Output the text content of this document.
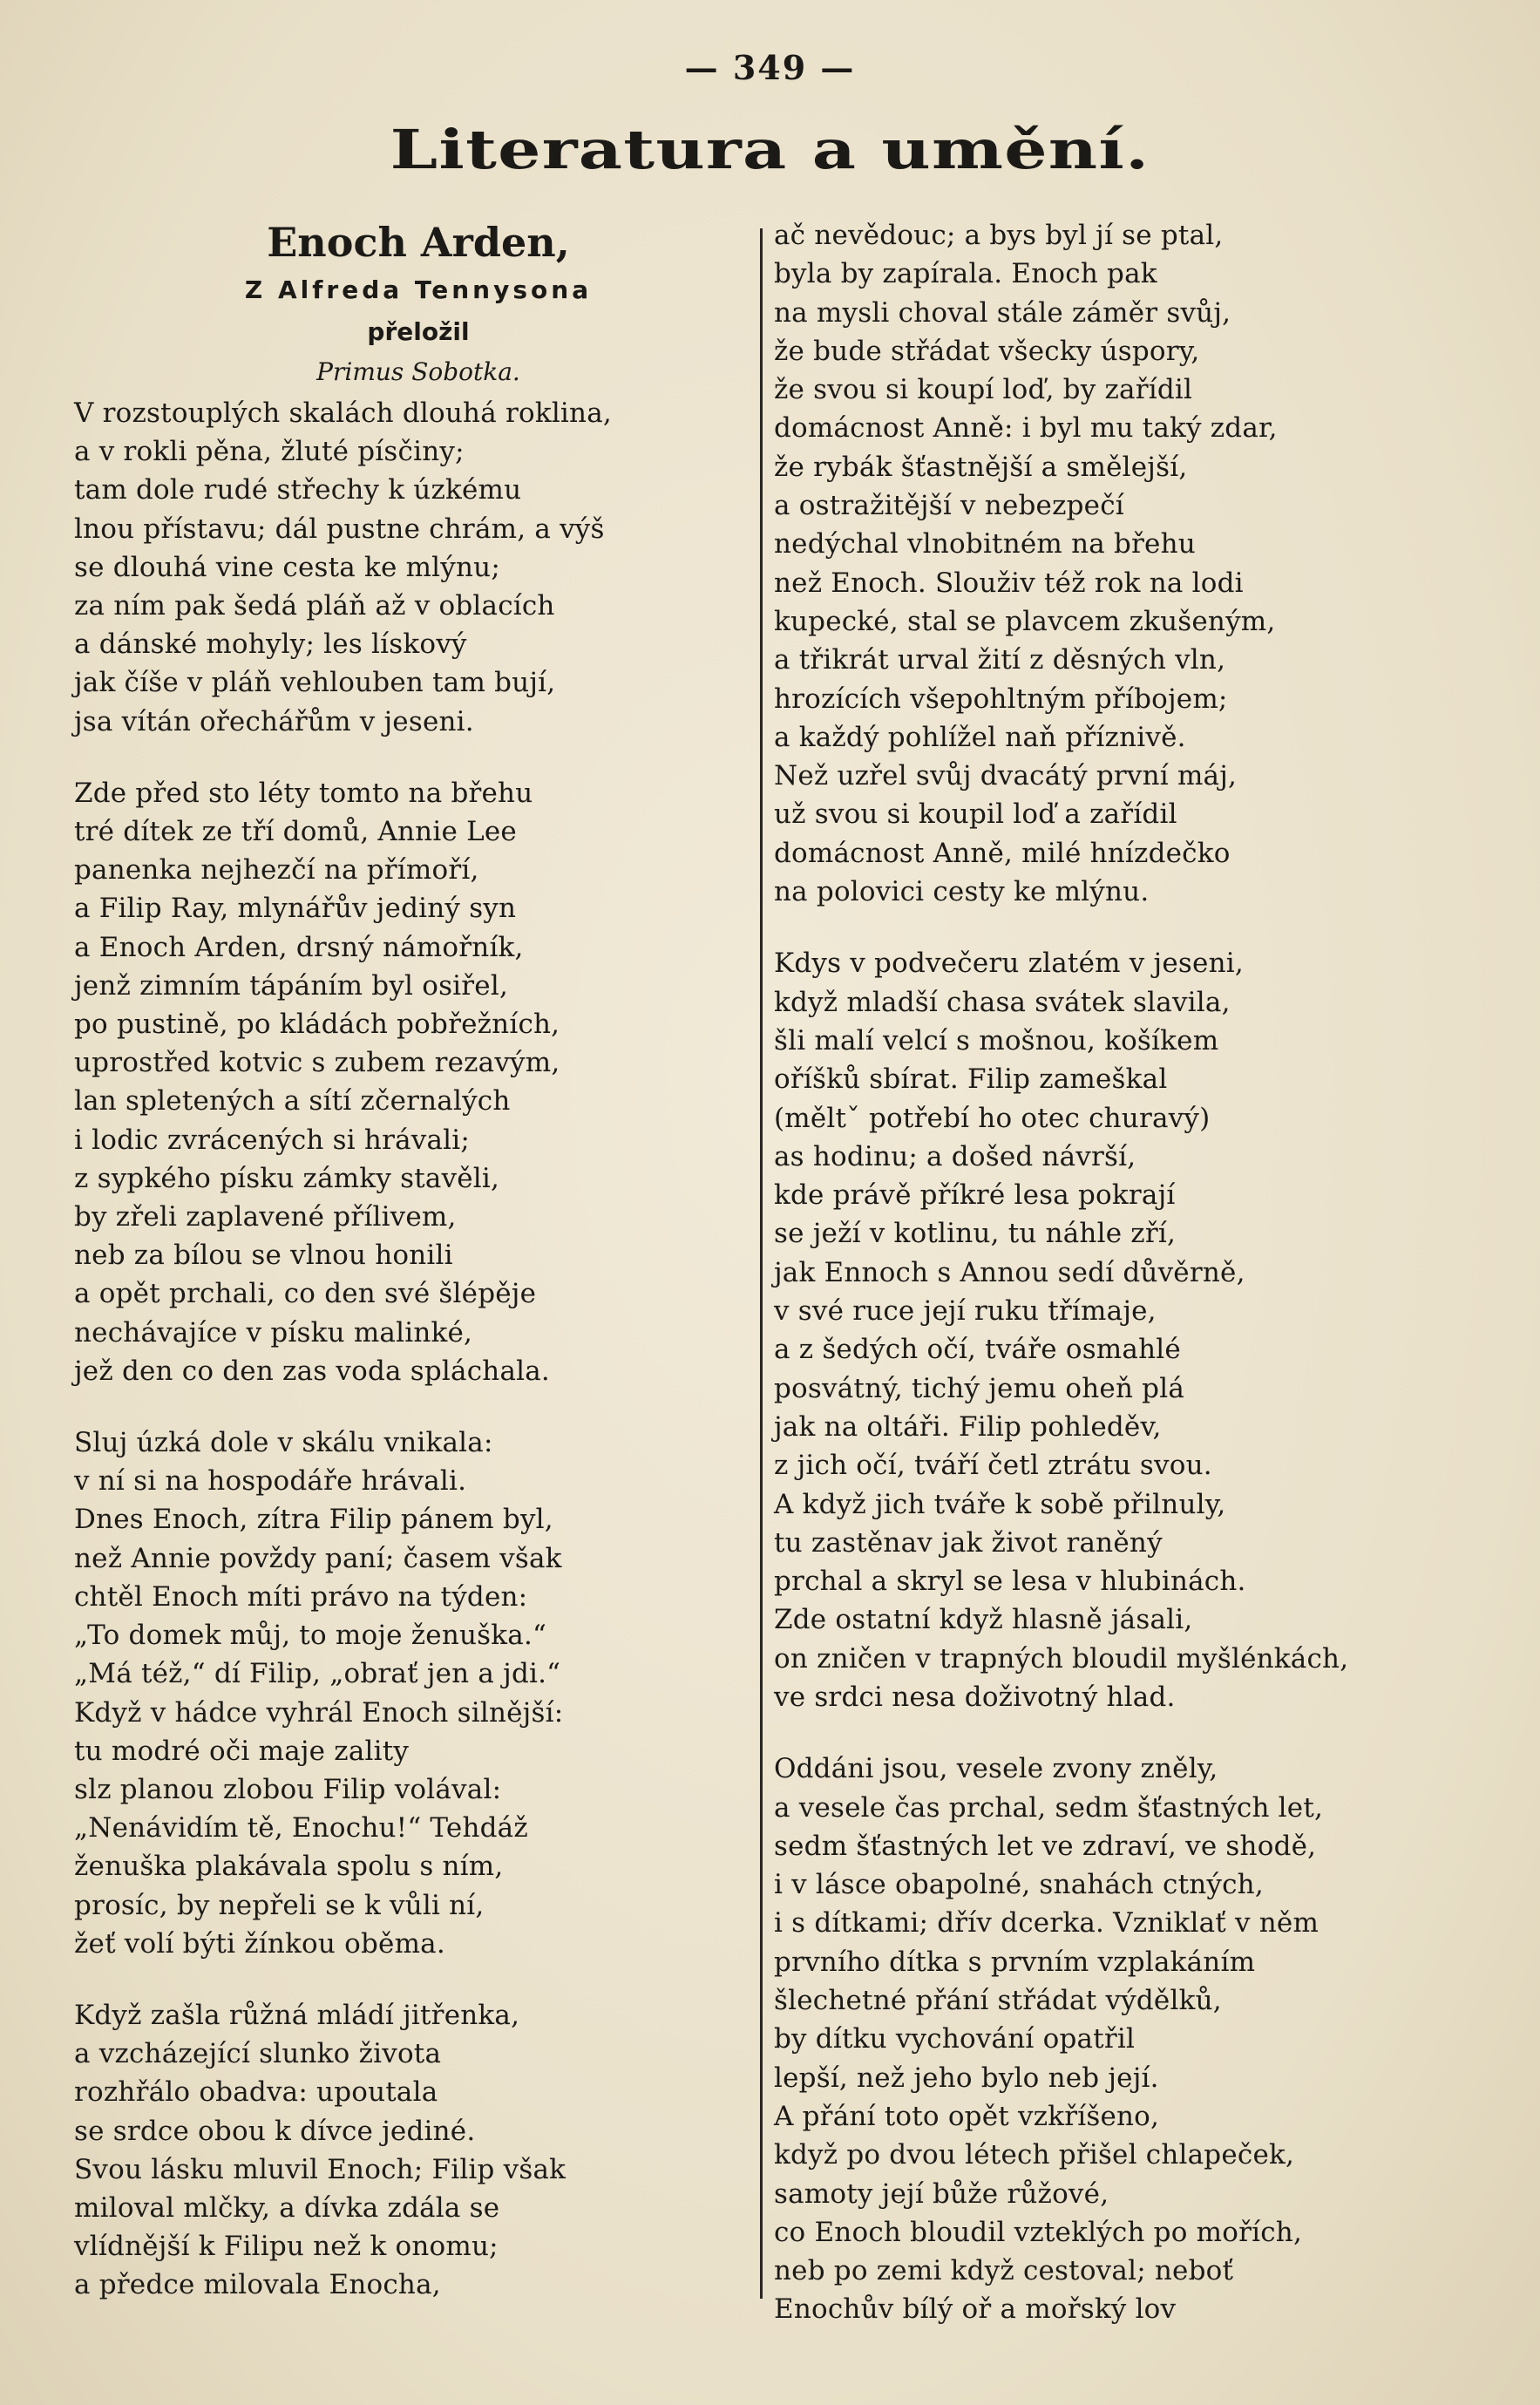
— 349 —
Literatura a umění.
Enoch Arden,
Z Alfreda Tennysona
přeložil
Primus Sobotka.
V rozstouplých skalách dlouhá roklina,
a v rokli pěna, žluté písčiny;
tam dole rudé střechy k úzkému
lnou přístavu; dál pustne chrám, a výš
se dlouhá vine cesta ke mlýnu;
za ním pak šedá pláň až v oblacích
a dánské mohyly; les lískový
jak číše v pláň vehlouben tam bují,
jsa vítán ořechářům v jeseni.
Zde před sto léty tomto na břehu
tré dítek ze tří domů, Annie Lee
panenka nejhezčí na přímoří,
a Filip Ray, mlynářův jediný syn
a Enoch Arden, drsný námořník,
jenž zimním tápáním byl osiřel,
po pustině, po kládách pobřežních,
uprostřed kotvic s zubem rezavým,
lan spletených a sítí zčernalých
i lodic zvrácených si hrávali;
z sypkého písku zámky stavěli,
by zřeli zaplavené přílivem,
neb za bílou se vlnou honili
a opět prchali, co den své šlépěje
nechávajíce v písku malinké,
jež den co den zas voda spláchala.
Sluj úzká dole v skálu vnikala:
v ní si na hospodáře hrávali.
Dnes Enoch, zítra Filip pánem byl,
než Annie povždy paní; časem však
chtěl Enoch míti právo na týden:
„To domek můj, to moje ženuška.“
„Má též,“ dí Filip, „obrať jen a jdi.“
Když v hádce vyhrál Enoch silnější:
tu modré oči maje zality
slz planou zlobou Filip volával:
„Nenávidím tě, Enochu!“ Tehdáž
ženuška plakávala spolu s ním,
prosíc, by nepřeli se k vůli ní,
žeť volí býti žínkou oběma.
Když zašla růžná mládí jitřenka,
a vzcházející slunko života
rozhřálo obadva: upoutala
se srdce obou k dívce jediné.
Svou lásku mluvil Enoch; Filip však
miloval mlčky, a dívka zdála se
vlídnější k Filipu než k onomu;
a předce milovala Enocha,
ač nevědouc; a bys byl jí se ptal,
byla by zapírala. Enoch pak
na mysli choval stále záměr svůj,
že bude střádat všecky úspory,
že svou si koupí loď, by zařídil
domácnost Anně: i byl mu taký zdar,
že rybák šťastnější a smělejší,
a ostražitější v nebezpečí
nedýchal vlnobitném na břehu
než Enoch. Slouživ též rok na lodi
kupecké, stal se plavcem zkušeným,
a třikrát urval žití z děsných vln,
hrozících všepohltným příbojem;
a každý pohlížel naň příznivě.
Než uzřel svůj dvacátý první máj,
už svou si koupil loď a zařídil
domácnost Anně, milé hnízdečko
na polovici cesty ke mlýnu.
Kdys v podvečeru zlatém v jeseni,
když mladší chasa svátek slavila,
šli malí velcí s mošnou, košíkem
oříšků sbírat. Filip zameškal
(měltˇ potřebí ho otec churavý)
as hodinu; a došed návrší,
kde právě příkré lesa pokrají
se ježí v kotlinu, tu náhle zří,
jak Ennoch s Annou sedí důvěrně,
v své ruce její ruku třímaje,
a z šedých očí, tváře osmahlé
posvátný, tichý jemu oheň plá
jak na oltáři. Filip pohleděv,
z jich očí, tváří četl ztrátu svou.
A když jich tváře k sobě přilnuly,
tu zastěnav jak život raněný
prchal a skryl se lesa v hlubinách.
Zde ostatní když hlasně jásali,
on zničen v trapných bloudil myšlénkách,
ve srdci nesa doživotný hlad.
Oddáni jsou, vesele zvony zněly,
a vesele čas prchal, sedm šťastných let,
sedm šťastných let ve zdraví, ve shodě,
i v lásce obapolné, snahách ctných,
i s dítkami; dřív dcerka. Vzniklať v něm
prvního dítka s prvním vzplakáním
šlechetné přání střádat výdělků,
by dítku vychování opatřil
lepší, než jeho bylo neb její.
A přání toto opět vzkříšeno,
když po dvou létech přišel chlapeček,
samoty její bůže růžové,
co Enoch bloudil vzteklých po mořích,
neb po zemi když cestoval; neboť
Enochův bílý oř a mořský lov
